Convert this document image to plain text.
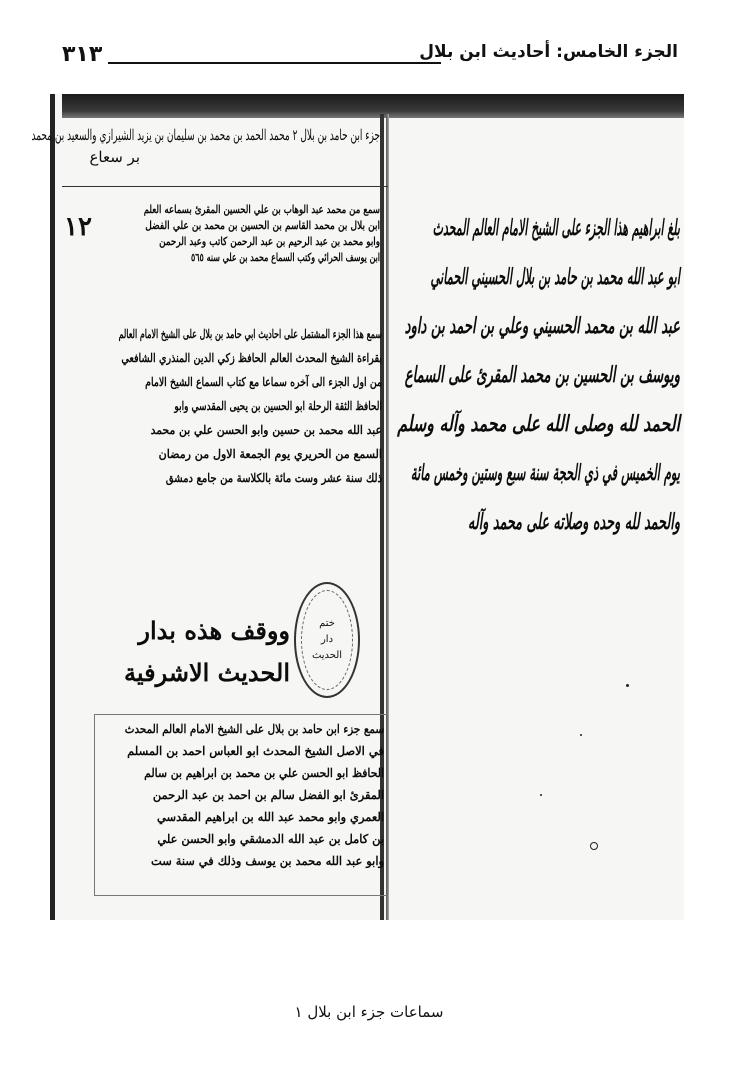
٣١٣	الجزء الخامس: أحاديث ابن بلال
جزء ابن حامد بن بلال ٢ محمد الحمد بن محمد بن سليمان بن يزيد الشيرازي والسعيد بن محمد
بر سعاع
١٢
سمع من محمد عبد الوهاب بن علي الحسين المقرئ بسماعه العلم
ابن بلال بن محمد القاسم بن الحسين بن محمد بن علي الفضل
وابو محمد بن عبد الرحيم بن عبد الرحمن كاتب وعبد الرحمن
ابن يوسف الحرائي وكتب السماع محمد بن علي سنه ٥٦٥
سمع هذا الجزء المشتمل على احاديث ابي حامد بن بلال على الشيخ الامام العالم
بقراءة الشيخ المحدث العالم الحافظ زكي الدين المنذري الشافعي
من اول الجزء الى آخره سماعا مع كتاب السماع الشيخ الامام
الحافظ الثقة الرحلة ابو الحسين بن يحيى المقدسي وابو
عبد الله محمد بن حسين وابو الحسن علي بن محمد
السمع من الحريري يوم الجمعة الاول من رمضان
ذلك سنة عشر وست مائة بالكلاسة من جامع دمشق
ختم
دار
الحديث
ووقف هذه بدار
الحديث الاشرفية
سمع جزء ابن حامد بن بلال على الشيخ الامام العالم المحدث
في الاصل الشيخ المحدث ابو العباس احمد بن المسلم
الحافظ ابو الحسن علي بن محمد بن ابراهيم بن سالم
المقرئ ابو الفضل سالم بن احمد بن عبد الرحمن
العمري وابو محمد عبد الله بن ابراهيم المقدسي
بن كامل بن عبد الله الدمشقي وابو الحسن علي
وابو عبد الله محمد بن يوسف وذلك في سنة ست
بلغ ابراهيم هذا الجزء على الشيخ الامام العالم المحدث
ابو عبد الله محمد بن حامد بن بلال الحسيني الحماني
عبد الله بن محمد الحسيني وعلي بن احمد بن داود
ويوسف بن الحسين بن محمد المقرئ على السماع
الحمد لله وصلى الله على محمد وآله وسلم
يوم الخميس في ذي الحجة سنة سبع وستين وخمس مائة
والحمد لله وحده وصلاته على محمد وآله
سماعات جزء ابن بلال ١
